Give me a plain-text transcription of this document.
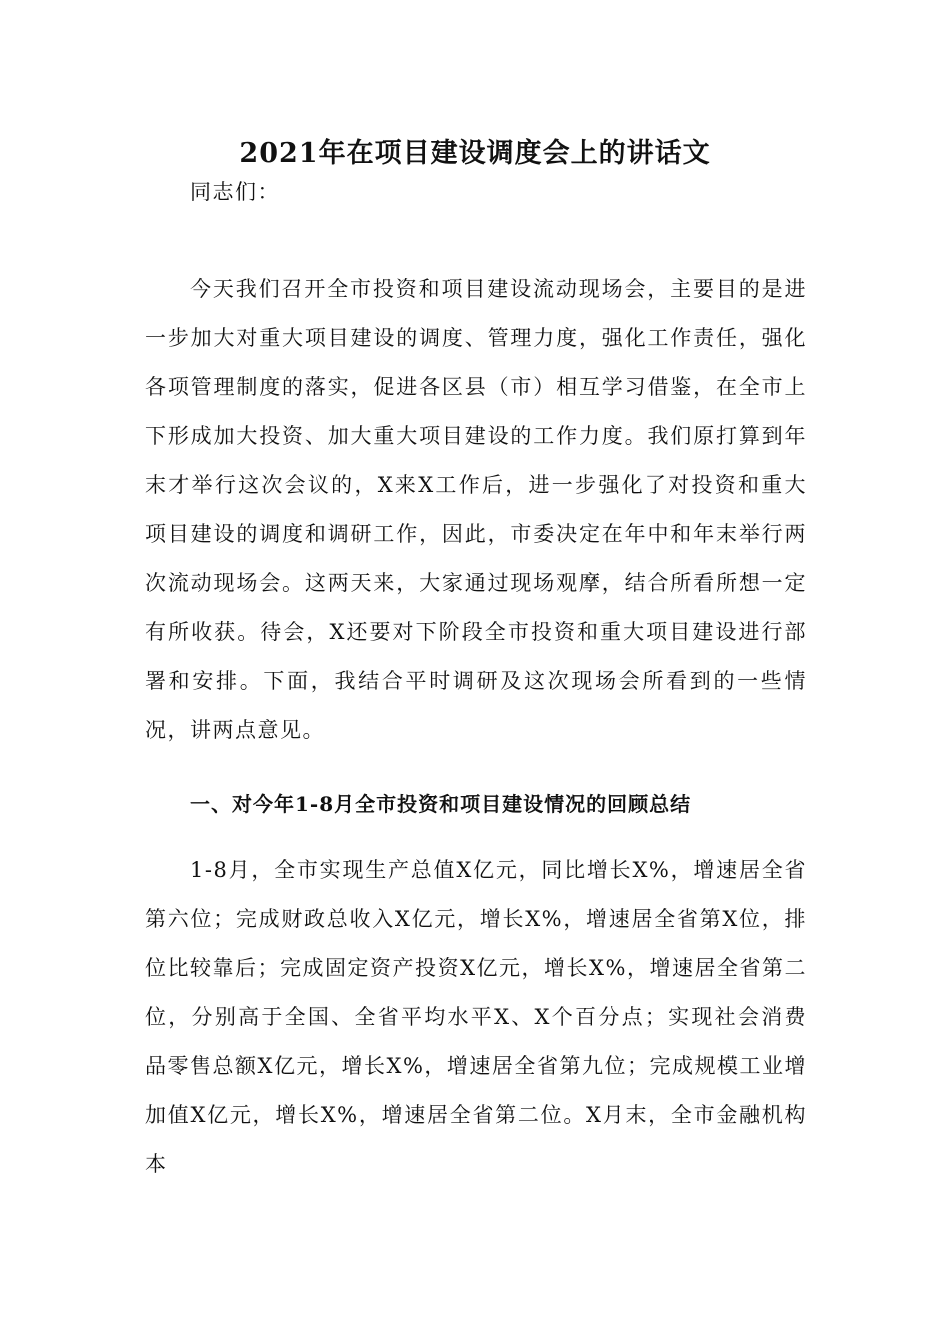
2021年在项目建设调度会上的讲话文

同志们：

今天我们召开全市投资和项目建设流动现场会，主要目的是进一步加大对重大项目建设的调度、管理力度，强化工作责任，强化各项管理制度的落实，促进各区县（市）相互学习借鉴，在全市上下形成加大投资、加大重大项目建设的工作力度。我们原打算到年末才举行这次会议的，X来X工作后，进一步强化了对投资和重大项目建设的调度和调研工作，因此，市委决定在年中和年末举行两次流动现场会。这两天来，大家通过现场观摩，结合所看所想一定有所收获。待会，X还要对下阶段全市投资和重大项目建设进行部署和安排。下面，我结合平时调研及这次现场会所看到的一些情况，讲两点意见。

一、对今年1-8月全市投资和项目建设情况的回顾总结

1-8月，全市实现生产总值X亿元，同比增长X%，增速居全省第六位；完成财政总收入X亿元，增长X%，增速居全省第X位，排位比较靠后；完成固定资产投资X亿元，增长X%，增速居全省第二位，分别高于全国、全省平均水平X、X个百分点；实现社会消费品零售总额X亿元，增长X%，增速居全省第九位；完成规模工业增加值X亿元，增长X%，增速居全省第二位。X月末，全市金融机构本
